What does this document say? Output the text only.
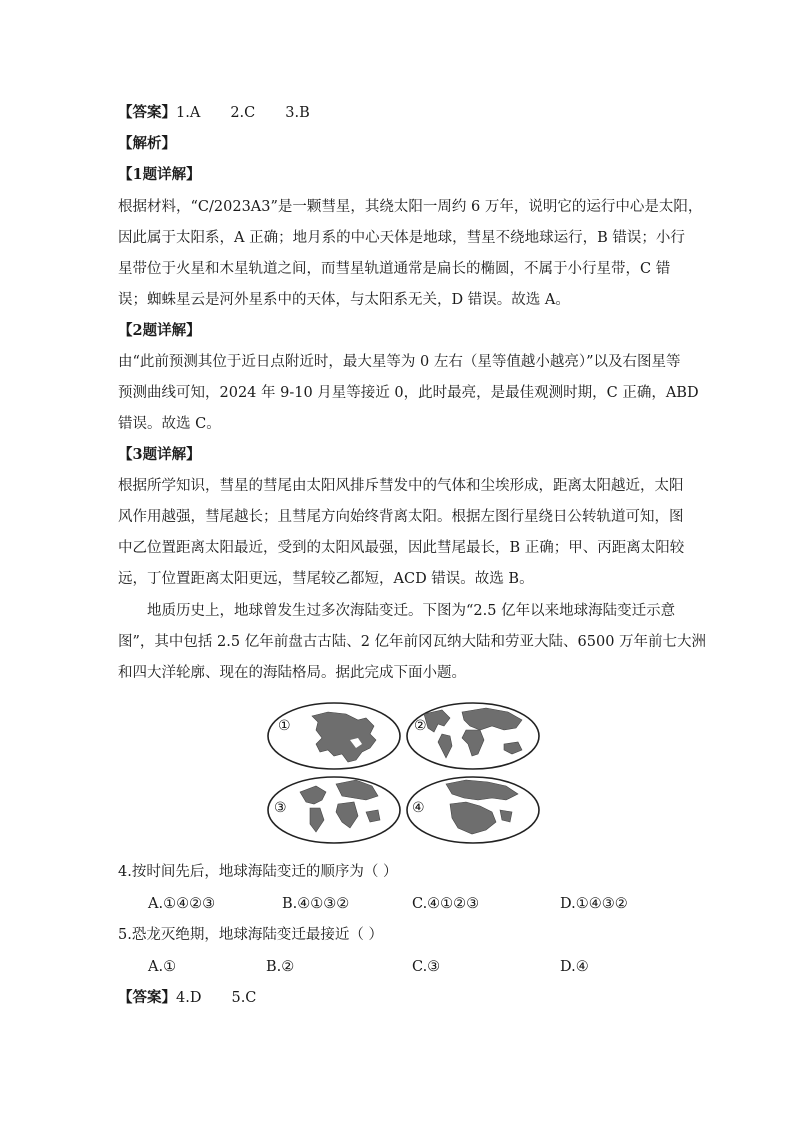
【答案】1.A 2.C 3.B
【解析】
【1题详解】
根据材料，“C/2023A3”是一颗彗星，其绕太阳一周约 6 万年，说明它的运行中心是太阳，
因此属于太阳系，A 正确；地月系的中心天体是地球，彗星不绕地球运行，B 错误；小行
星带位于火星和木星轨道之间，而彗星轨道通常是扁长的椭圆，不属于小行星带，C 错
误；蜘蛛星云是河外星系中的天体，与太阳系无关，D 错误。故选 A。
【2题详解】
由“此前预测其位于近日点附近时，最大星等为 0 左右（星等值越小越亮）”以及右图星等
预测曲线可知，2024 年 9-10 月星等接近 0，此时最亮，是最佳观测时期，C 正确，ABD
错误。故选 C。
【3题详解】
根据所学知识，彗星的彗尾由太阳风排斥彗发中的气体和尘埃形成，距离太阳越近，太阳
风作用越强，彗尾越长；且彗尾方向始终背离太阳。根据左图行星绕日公转轨道可知，图
中乙位置距离太阳最近，受到的太阳风最强，因此彗尾最长，B 正确；甲、丙距离太阳较
远，丁位置距离太阳更远，彗尾较乙都短，ACD 错误。故选 B。
地质历史上，地球曾发生过多次海陆变迁。下图为“2.5 亿年以来地球海陆变迁示意
图”，其中包括 2.5 亿年前盘古古陆、2 亿年前冈瓦纳大陆和劳亚大陆、6500 万年前七大洲
和四大洋轮廓、现在的海陆格局。据此完成下面小题。
①	②
③	④
4.按时间先后，地球海陆变迁的顺序为（ ）
A.①④②③	B.④①③②	C.④①②③	D.①④③②
5.恐龙灭绝期，地球海陆变迁最接近（ ）
A.①	B.②	C.③	D.④
【答案】4.D 5.C
